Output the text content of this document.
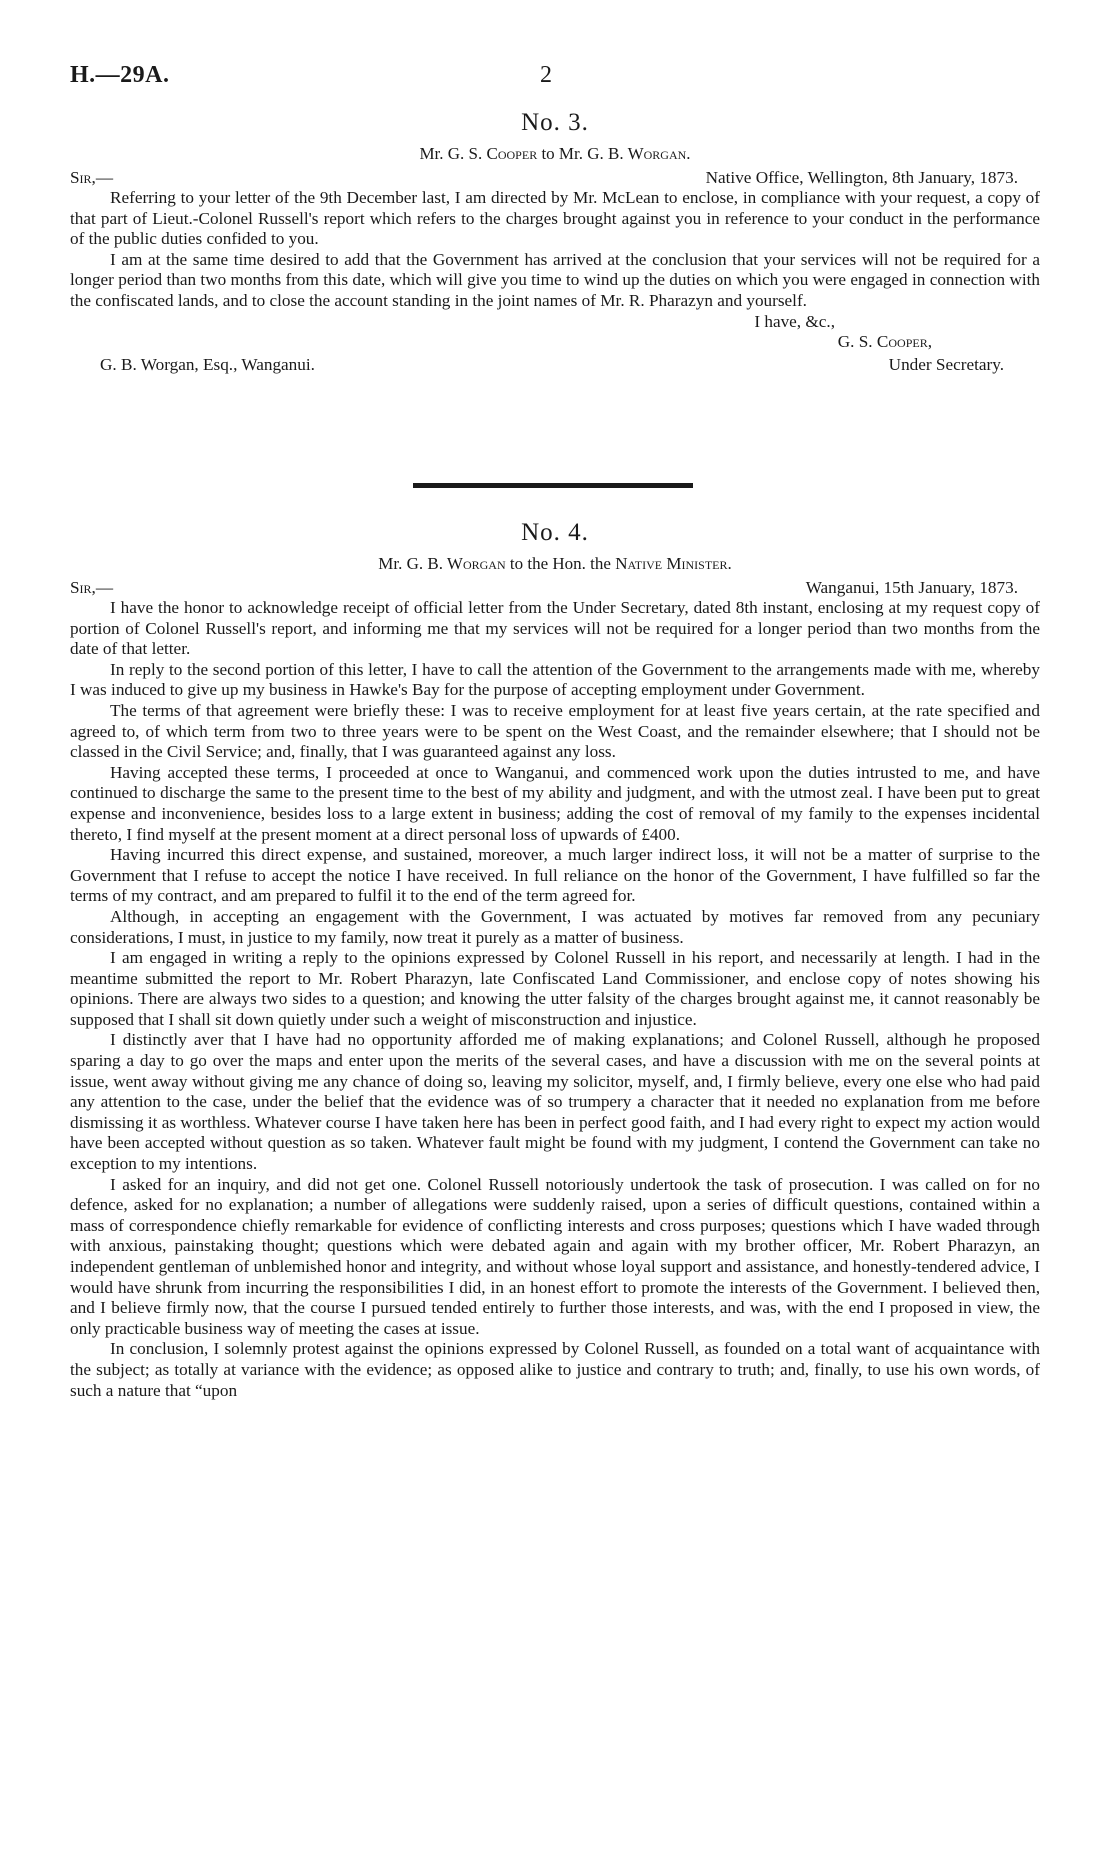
H.—29A.	2
No. 3.
Mr. G. S. Cooper to Mr. G. B. Worgan.
Sir,—	Native Office, Wellington, 8th January, 1873.

Referring to your letter of the 9th December last, I am directed by Mr. McLean to enclose, in compliance with your request, a copy of that part of Lieut.-Colonel Russell's report which refers to the charges brought against you in reference to your conduct in the performance of the public duties confided to you.

I am at the same time desired to add that the Government has arrived at the conclusion that your services will not be required for a longer period than two months from this date, which will give you time to wind up the duties on which you were engaged in connection with the confiscated lands, and to close the account standing in the joint names of Mr. R. Pharazyn and yourself.

I have, &c.,

G. S. Cooper,

G. B. Worgan, Esq., Wanganui.	Under Secretary.
No. 4.
Mr. G. B. Worgan to the Hon. the Native Minister.
Sir,—	Wanganui, 15th January, 1873.

I have the honor to acknowledge receipt of official letter from the Under Secretary, dated 8th instant, enclosing at my request copy of portion of Colonel Russell's report, and informing me that my services will not be required for a longer period than two months from the date of that letter.

In reply to the second portion of this letter, I have to call the attention of the Government to the arrangements made with me, whereby I was induced to give up my business in Hawke's Bay for the purpose of accepting employment under Government.

The terms of that agreement were briefly these: I was to receive employment for at least five years certain, at the rate specified and agreed to, of which term from two to three years were to be spent on the West Coast, and the remainder elsewhere; that I should not be classed in the Civil Service; and, finally, that I was guaranteed against any loss.

Having accepted these terms, I proceeded at once to Wanganui, and commenced work upon the duties intrusted to me, and have continued to discharge the same to the present time to the best of my ability and judgment, and with the utmost zeal. I have been put to great expense and inconvenience, besides loss to a large extent in business; adding the cost of removal of my family to the expenses incidental thereto, I find myself at the present moment at a direct personal loss of upwards of £400.

Having incurred this direct expense, and sustained, moreover, a much larger indirect loss, it will not be a matter of surprise to the Government that I refuse to accept the notice I have received. In full reliance on the honor of the Government, I have fulfilled so far the terms of my contract, and am prepared to fulfil it to the end of the term agreed for.

Although, in accepting an engagement with the Government, I was actuated by motives far removed from any pecuniary considerations, I must, in justice to my family, now treat it purely as a matter of business.

I am engaged in writing a reply to the opinions expressed by Colonel Russell in his report, and necessarily at length. I had in the meantime submitted the report to Mr. Robert Pharazyn, late Confiscated Land Commissioner, and enclose copy of notes showing his opinions. There are always two sides to a question; and knowing the utter falsity of the charges brought against me, it cannot reasonably be supposed that I shall sit down quietly under such a weight of misconstruction and injustice.

I distinctly aver that I have had no opportunity afforded me of making explanations; and Colonel Russell, although he proposed sparing a day to go over the maps and enter upon the merits of the several cases, and have a discussion with me on the several points at issue, went away without giving me any chance of doing so, leaving my solicitor, myself, and, I firmly believe, every one else who had paid any attention to the case, under the belief that the evidence was of so trumpery a character that it needed no explanation from me before dismissing it as worthless. Whatever course I have taken here has been in perfect good faith, and I had every right to expect my action would have been accepted without question as so taken. Whatever fault might be found with my judgment, I contend the Government can take no exception to my intentions.

I asked for an inquiry, and did not get one. Colonel Russell notoriously undertook the task of prosecution. I was called on for no defence, asked for no explanation; a number of allegations were suddenly raised, upon a series of difficult questions, contained within a mass of correspondence chiefly remarkable for evidence of conflicting interests and cross purposes; questions which I have waded through with anxious, painstaking thought; questions which were debated again and again with my brother officer, Mr. Robert Pharazyn, an independent gentleman of unblemished honor and integrity, and without whose loyal support and assistance, and honestly-tendered advice, I would have shrunk from incurring the responsibilities I did, in an honest effort to promote the interests of the Government. I believed then, and I believe firmly now, that the course I pursued tended entirely to further those interests, and was, with the end I proposed in view, the only practicable business way of meeting the cases at issue.

In conclusion, I solemnly protest against the opinions expressed by Colonel Russell, as founded on a total want of acquaintance with the subject; as totally at variance with the evidence; as opposed alike to justice and contrary to truth; and, finally, to use his own words, of such a nature that “upon
